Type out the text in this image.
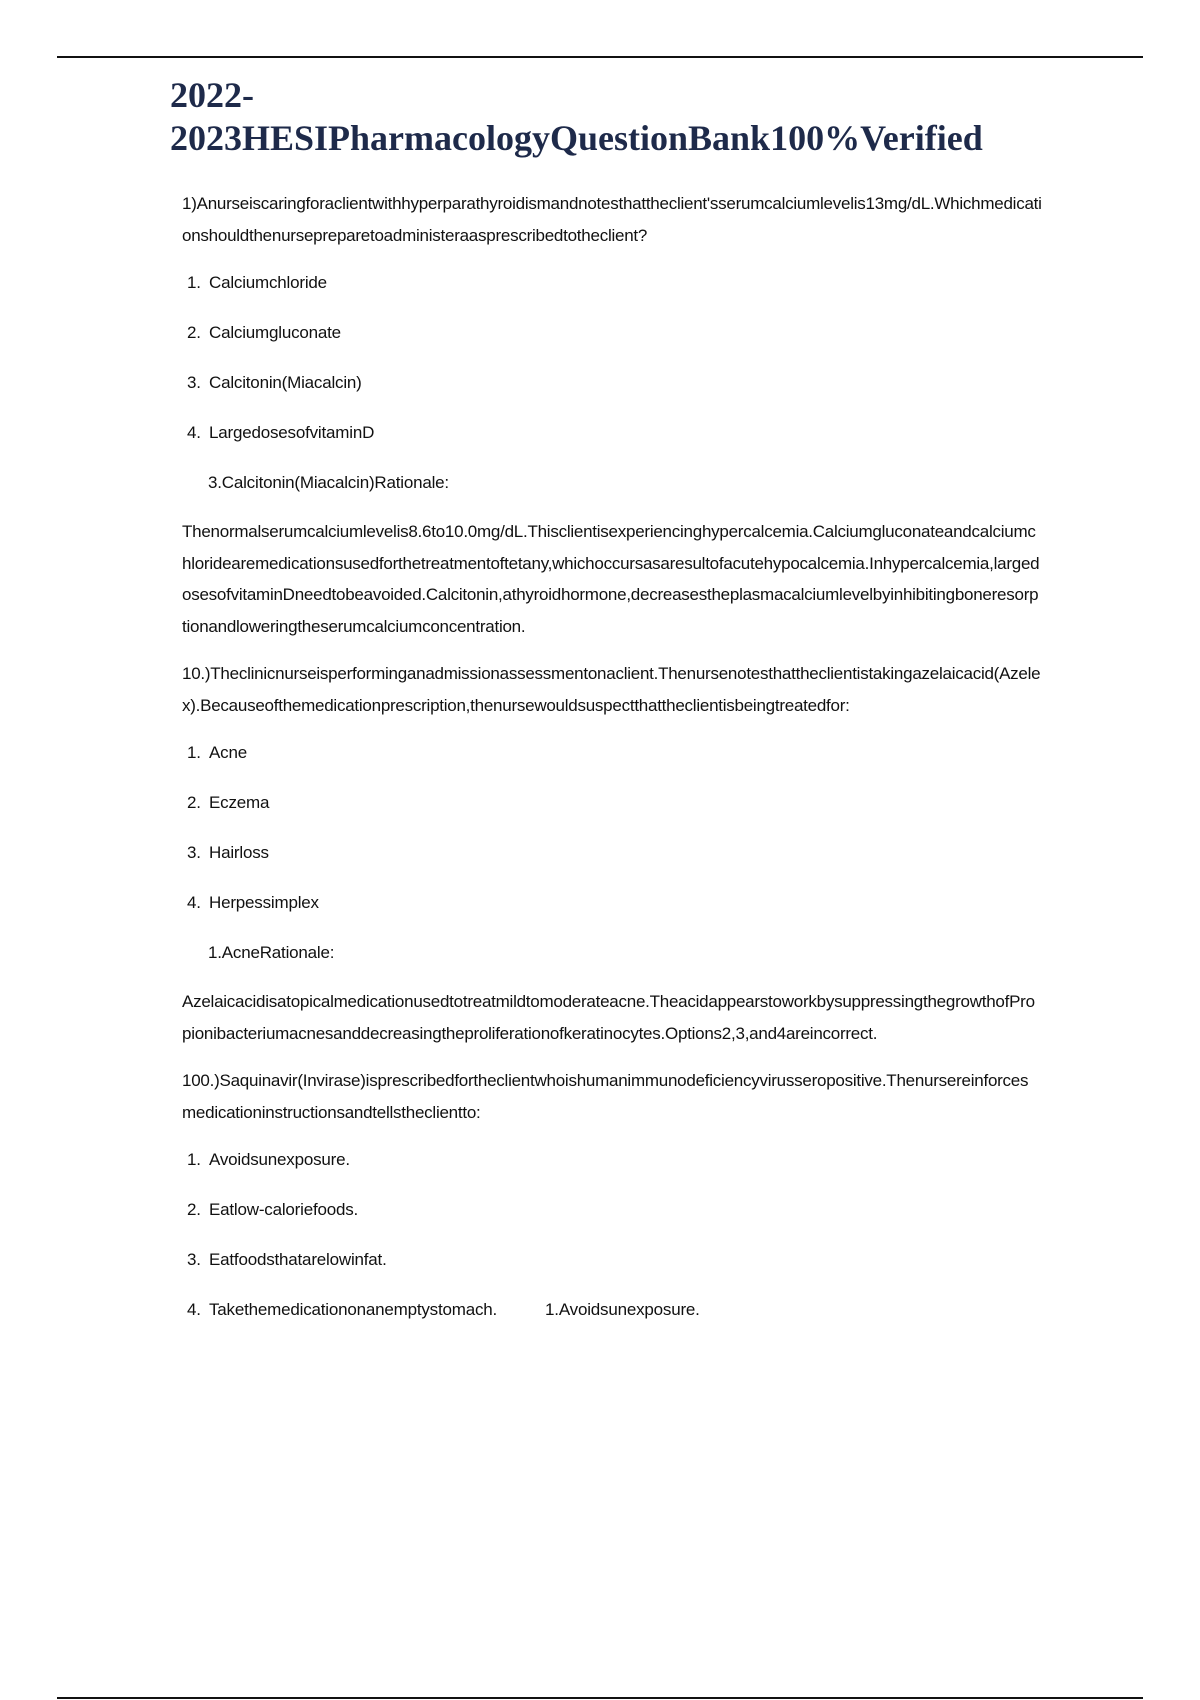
2022-
2023HESIPharmacologyQuestionBank100%Verified

1)Anurseiscaringforaclientwithhyperparathyroidismandnotesthattheclient'sserumcalciumlevelis13mg/dL.Whichmedicationshouldthenursepreparetoadministeraasprescribedtotheclient?

1. Calciumchloride
2. Calciumgluconate
3. Calcitonin(Miacalcin)
4. LargedosesofvitaminD

3.Calcitonin(Miacalcin)Rationale:

Thenormalserumcalciumlevelis8.6to10.0mg/dL.Thisclientisexperiencinghypercalcemia.Calciumgluconateandcalciumchloridearemedicationsusedforthetreatmentoftetany,whichoccursasaresultofacutehypocalcemia.Inhypercalcemia,largedosesofvitaminDneedtobeavoided.Calcitonin,athyroidhormone,decreasestheplasmacalciumlevelbyinhibitingboneresorptionandloweringtheserumcalciumconcentration.

10.)Theclinicnurseisperforminganadmissionassessmentonaclient.Thenursenotesthattheclientistakingazelaicacid(Azelex).Becauseofthemedicationprescription,thenursewouldsuspectthattheclientisbeingtreatedfor:

1. Acne
2. Eczema
3. Hairloss
4. Herpessimplex

1.AcneRationale:

Azelaicacidisatopicalmedicationusedtotreatmildtomoderateacne.TheacidappearstoworkbysuppressingthegrowthofPropionibacteriumacnesanddecreasingtheproliferationofkeratinocytes.Options2,3,and4areincorrect.

100.)Saquinavir(Invirase)isprescribedfortheclientwhoishumanimmunodeficiencyvirusseropositive.Thenursereinforcesmedicationinstructionsandtellstheclientto:

1. Avoidsunexposure.
2. Eatlow-caloriefoods.
3. Eatfoodsthatarelowinfat.
4. Takethemedicationonanemptystomach.	1.Avoidsunexposure.
